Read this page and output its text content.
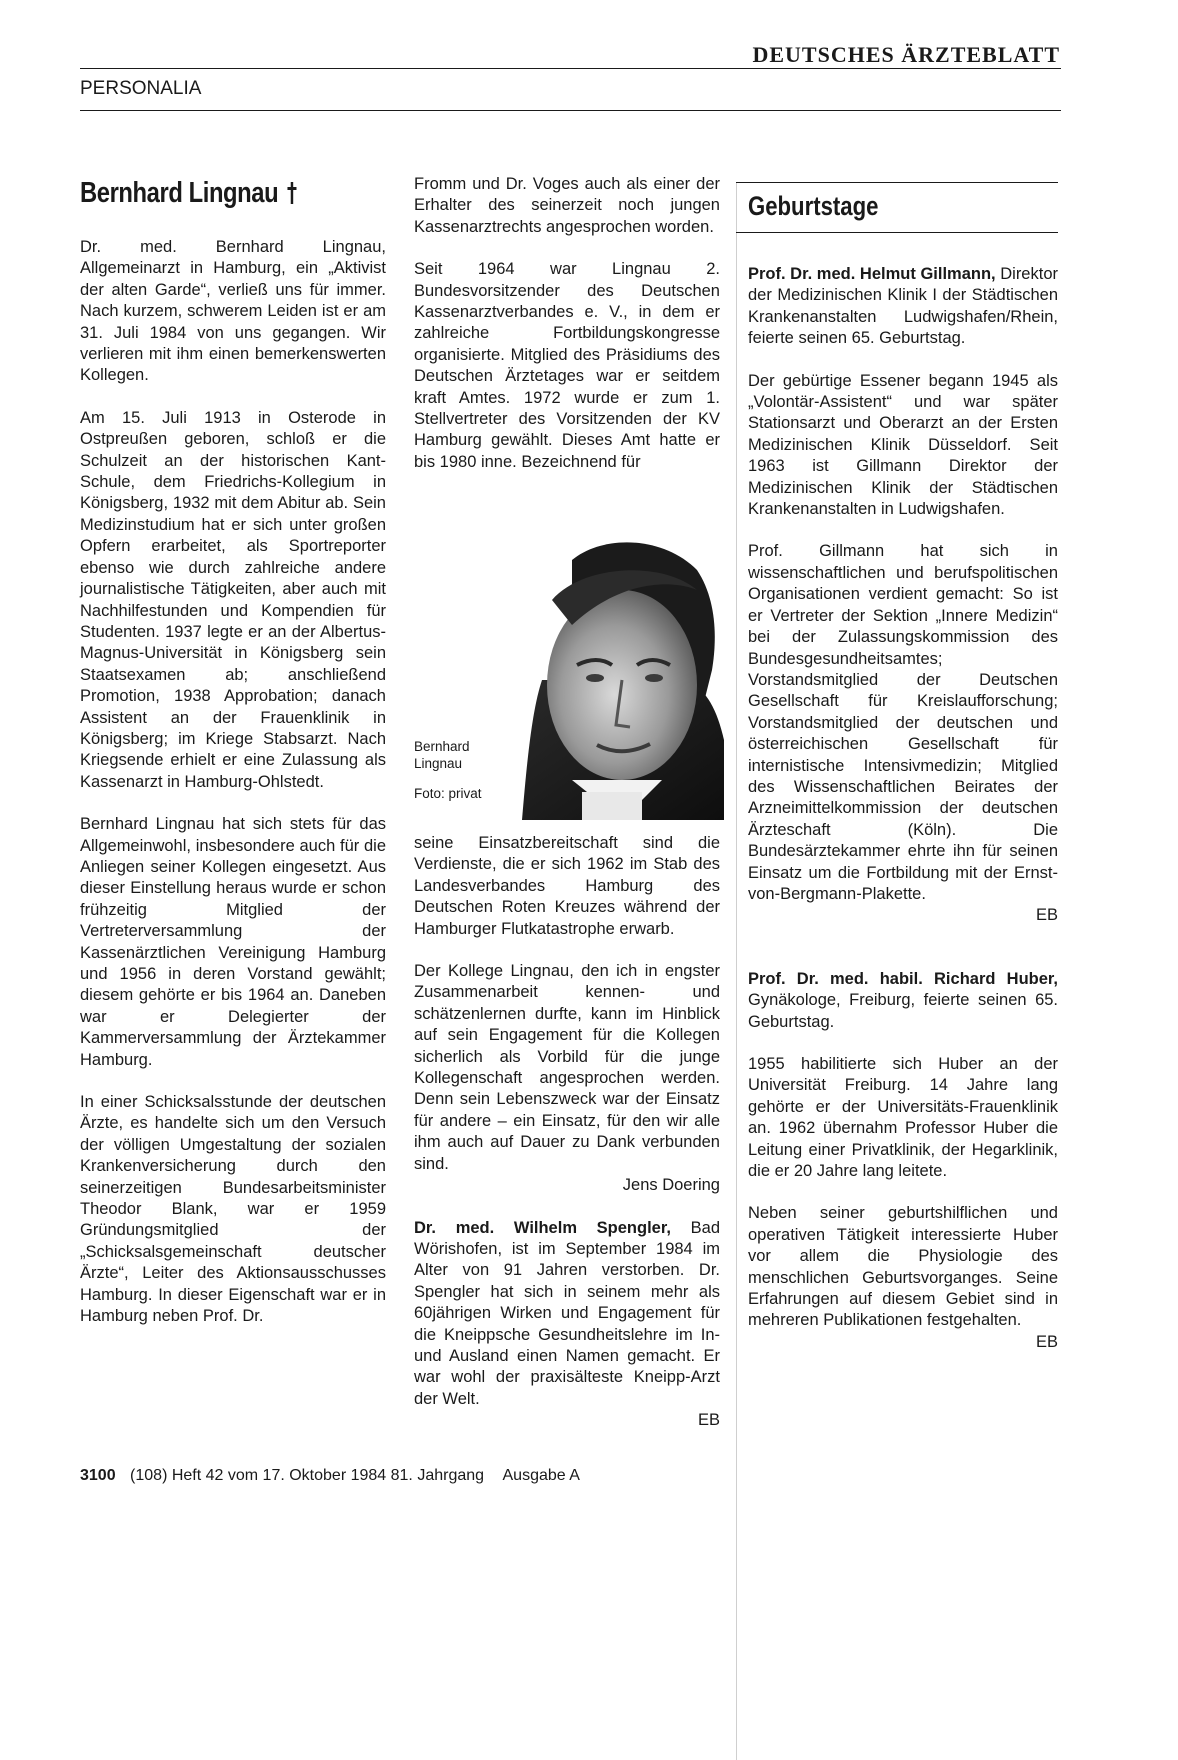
DEUTSCHES ÄRZTEBLATT
PERSONALIA
Bernhard Lingnau

Dr. med. Bernhard Lingnau, Allgemeinarzt in Hamburg, ein „Aktivist der alten Garde“, verließ uns für immer. Nach kurzem, schwerem Leiden ist er am 31. Juli 1984 von uns gegangen. Wir verlieren mit ihm einen bemerkenswerten Kollegen.

Am 15. Juli 1913 in Osterode in Ostpreußen geboren, schloß er die Schulzeit an der historischen Kant-Schule, dem Friedrichs-Kollegium in Königsberg, 1932 mit dem Abitur ab. Sein Medizinstudium hat er sich unter großen Opfern erarbeitet, als Sportreporter ebenso wie durch zahlreiche andere journalistische Tätigkeiten, aber auch mit Nachhilfestunden und Kompendien für Studenten. 1937 legte er an der Albertus-Magnus-Universität in Königsberg sein Staatsexamen ab; anschließend Promotion, 1938 Approbation; danach Assistent an der Frauenklinik in Königsberg; im Kriege Stabsarzt. Nach Kriegsende erhielt er eine Zulassung als Kassenarzt in Hamburg-Ohlstedt.

Bernhard Lingnau hat sich stets für das Allgemeinwohl, insbesondere auch für die Anliegen seiner Kollegen eingesetzt. Aus dieser Einstellung heraus wurde er schon frühzeitig Mitglied der Vertreterversammlung der Kassenärztlichen Vereinigung Hamburg und 1956 in deren Vorstand gewählt; diesem gehörte er bis 1964 an. Daneben war er Delegierter der Kammerversammlung der Ärztekammer Hamburg.

In einer Schicksalsstunde der deutschen Ärzte, es handelte sich um den Versuch der völligen Umgestaltung der sozialen Krankenversicherung durch den seinerzeitigen Bundesarbeitsminister Theodor Blank, war er 1959 Gründungsmitglied der „Schicksalsgemeinschaft deutscher Ärzte“, Leiter des Aktionsausschusses Hamburg. In dieser Eigenschaft war er in Hamburg neben Prof. Dr.

Fromm und Dr. Voges auch als einer der Erhalter des seinerzeit noch jungen Kassenarztrechts angesprochen worden.

Seit 1964 war Lingnau 2. Bundesvorsitzender des Deutschen Kassenarztverbandes e. V., in dem er zahlreiche Fortbildungskongresse organisierte. Mitglied des Präsidiums des Deutschen Ärztetages war er seitdem kraft Amtes. 1972 wurde er zum 1. Stellvertreter des Vorsitzenden der KV Hamburg gewählt. Dieses Amt hatte er bis 1980 inne. Bezeichnend für

Bernhard Lingnau
Foto: privat

seine Einsatzbereitschaft sind die Verdienste, die er sich 1962 im Stab des Landesverbandes Hamburg des Deutschen Roten Kreuzes während der Hamburger Flutkatastrophe erwarb.

Der Kollege Lingnau, den ich in engster Zusammenarbeit kennen- und schätzenlernen durfte, kann im Hinblick auf sein Engagement für die Kollegen sicherlich als Vorbild für die junge Kollegenschaft angesprochen werden. Denn sein Lebenszweck war der Einsatz für andere – ein Einsatz, für den wir alle ihm auch auf Dauer zu Dank verbunden sind.

Jens Doering

Dr. med. Wilhelm Spengler, Bad Wörishofen, ist im September 1984 im Alter von 91 Jahren verstorben. Dr. Spengler hat sich in seinem mehr als 60jährigen Wirken und Engagement für die Kneippsche Gesundheitslehre im In- und Ausland einen Namen gemacht. Er war wohl der praxisälteste Kneipp-Arzt der Welt.

EB
Geburtstage

Prof. Dr. med. Helmut Gillmann, Direktor der Medizinischen Klinik I der Städtischen Krankenanstalten Ludwigshafen/Rhein, feierte seinen 65. Geburtstag.

Der gebürtige Essener begann 1945 als „Volontär-Assistent“ und war später Stationsarzt und Oberarzt an der Ersten Medizinischen Klinik Düsseldorf. Seit 1963 ist Gillmann Direktor der Medizinischen Klinik der Städtischen Krankenanstalten in Ludwigshafen.

Prof. Gillmann hat sich in wissenschaftlichen und berufspolitischen Organisationen verdient gemacht: So ist er Vertreter der Sektion „Innere Medizin“ bei der Zulassungskommission des Bundesgesundheitsamtes; Vorstandsmitglied der Deutschen Gesellschaft für Kreislaufforschung; Vorstandsmitglied der deutschen und österreichischen Gesellschaft für internistische Intensivmedizin; Mitglied des Wissenschaftlichen Beirates der Arzneimittelkommission der deutschen Ärzteschaft (Köln). Die Bundesärztekammer ehrte ihn für seinen Einsatz um die Fortbildung mit der Ernst-von-Bergmann-Plakette.

EB

Prof. Dr. med. habil. Richard Huber, Gynäkologe, Freiburg, feierte seinen 65. Geburtstag.

1955 habilitierte sich Huber an der Universität Freiburg. 14 Jahre lang gehörte er der Universitäts-Frauenklinik an. 1962 übernahm Professor Huber die Leitung einer Privatklinik, der Hegarklinik, die er 20 Jahre lang leitete.

Neben seiner geburtshilflichen und operativen Tätigkeit interessierte Huber vor allem die Physiologie des menschlichen Geburtsvorganges. Seine Erfahrungen auf diesem Gebiet sind in mehreren Publikationen festgehalten.

EB
3100 (108) Heft 42 vom 17. Oktober 1984 81. Jahrgang Ausgabe A
